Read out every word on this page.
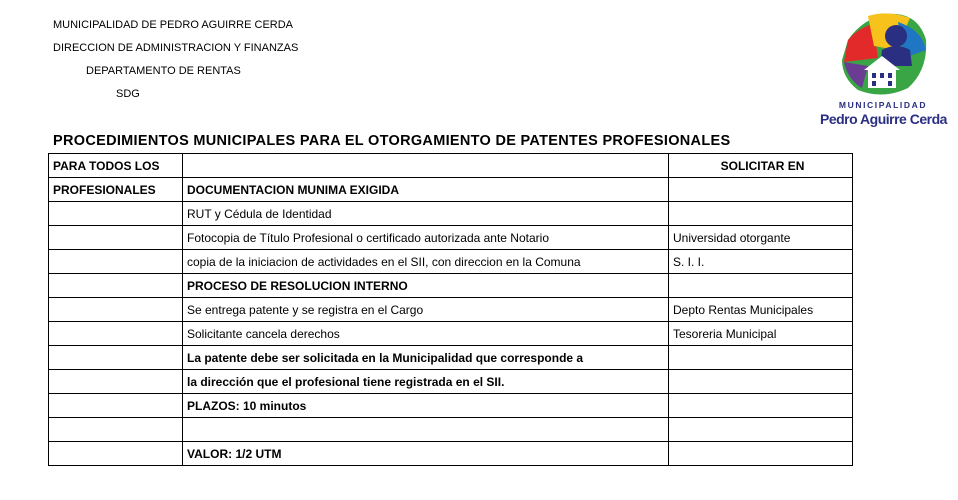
MUNICIPALIDAD DE PEDRO AGUIRRE CERDA
DIRECCION DE ADMINISTRACION Y FINANZAS
DEPARTAMENTO DE RENTAS
SDG
MUNICIPALIDAD
Pedro Aguirre Cerda
PROCEDIMIENTOS MUNICIPALES PARA EL OTORGAMIENTO DE PATENTES PROFESIONALES
PARA TODOS LOS		SOLICITAR EN
PROFESIONALES	DOCUMENTACION MUNIMA EXIGIDA	
	RUT y Cédula de Identidad	
	Fotocopia de Título Profesional o certificado autorizada ante Notario	Universidad otorgante
	copia de la iniciacion de actividades en el SII, con direccion en la Comuna	S. I. I.
	PROCESO DE RESOLUCION INTERNO	
	Se entrega patente y se registra en el Cargo	Depto Rentas Municipales
	Solicitante cancela derechos	Tesoreria Municipal
	La patente debe ser solicitada en la Municipalidad que corresponde a	
	la dirección que el profesional tiene registrada en el SII.	
	PLAZOS: 10 minutos	

	VALOR: 1/2 UTM	
